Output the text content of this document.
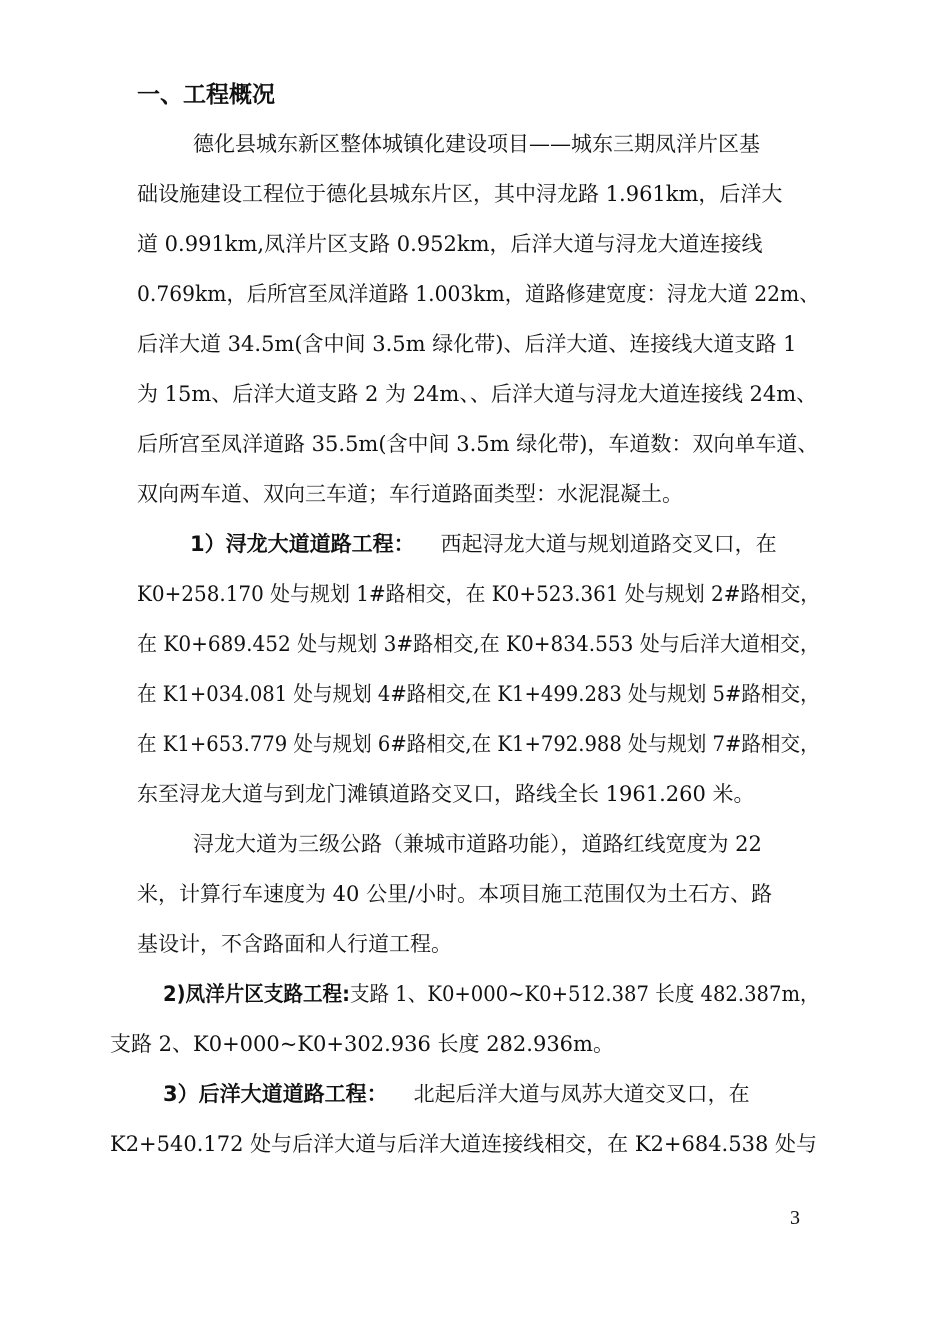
一、工程概况
德化县城东新区整体城镇化建设项目——城东三期凤洋片区基
础设施建设工程位于德化县城东片区，其中浔龙路 1.961km，后洋大
道 0.991km,凤洋片区支路 0.952km，后洋大道与浔龙大道连接线
0.769km，后所宫至凤洋道路 1.003km，道路修建宽度：浔龙大道 22m、
后洋大道 34.5m(含中间 3.5m 绿化带)、后洋大道、连接线大道支路 1
为 15m、后洋大道支路 2 为 24m、、后洋大道与浔龙大道连接线 24m、
后所宫至凤洋道路 35.5m(含中间 3.5m 绿化带)，车道数：双向单车道、
双向两车道、双向三车道；车行道路面类型：水泥混凝土。
1）浔龙大道道路工程： 西起浔龙大道与规划道路交叉口，在
K0+258.170 处与规划 1#路相交，在 K0+523.361 处与规划 2#路相交，
在 K0+689.452 处与规划 3#路相交,在 K0+834.553 处与后洋大道相交，
在 K1+034.081 处与规划 4#路相交,在 K1+499.283 处与规划 5#路相交，
在 K1+653.779 处与规划 6#路相交,在 K1+792.988 处与规划 7#路相交，
东至浔龙大道与到龙门滩镇道路交叉口，路线全长 1961.260 米。
浔龙大道为三级公路（兼城市道路功能），道路红线宽度为 22
米，计算行车速度为 40 公里/小时。本项目施工范围仅为土石方、路
基设计，不含路面和人行道工程。
2)凤洋片区支路工程:支路 1、K0+000~K0+512.387 长度 482.387m，
支路 2、K0+000~K0+302.936 长度 282.936m。
3）后洋大道道路工程： 北起后洋大道与凤苏大道交叉口，在
K2+540.172 处与后洋大道与后洋大道连接线相交，在 K2+684.538 处与
3
